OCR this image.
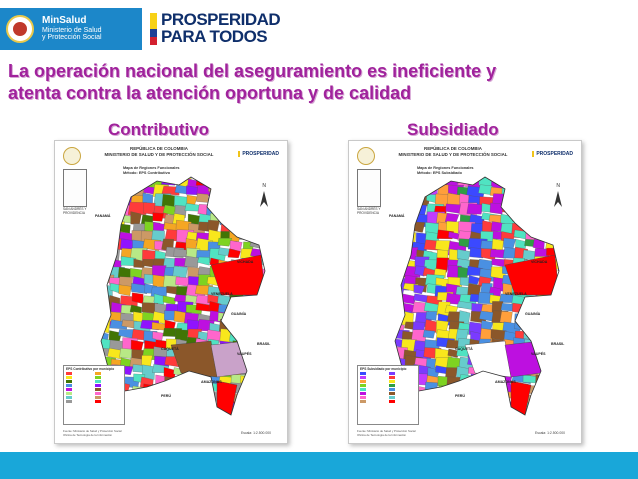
MinSalud
Ministerio de Salud
y Protección Social
PROSPERIDAD
PARA TODOS
La operación nacional del aseguramiento es ineficiente y
atenta contra la atención oportuna y de calidad
Contributivo	Subsidiado
VENEZUELA
BRASIL
PERÚ
PANAMÁ
AMAZONAS
GUAINÍA
VAUPÉS
CAQUETÁ
VICHADA
REPÚBLICA DE COLOMBIA
MINISTERIO DE SALUD Y DE PROTECCIÓN SOCIAL	PROSPERIDAD
Mapa de Regiones Funcionales
Método: EPS Contributivo
SAN ANDRÉS Y PROVIDENCIA
N
EPS Contributivo por municipio
Fuente: Ministerio de Salud y Protección Social
Oficina de Tecnología de la Información	Escala: 1:2.500.000
VENEZUELA
BRASIL
PERÚ
PANAMÁ
AMAZONAS
GUAINÍA
VAUPÉS
CAQUETÁ
VICHADA
REPÚBLICA DE COLOMBIA
MINISTERIO DE SALUD Y DE PROTECCIÓN SOCIAL	PROSPERIDAD
Mapa de Regiones Funcionales
Método: EPS Subsidiado
SAN ANDRÉS Y PROVIDENCIA
N
EPS Subsidiado por municipio
Fuente: Ministerio de Salud y Protección Social
Oficina de Tecnología de la Información	Escala: 1:2.500.000
